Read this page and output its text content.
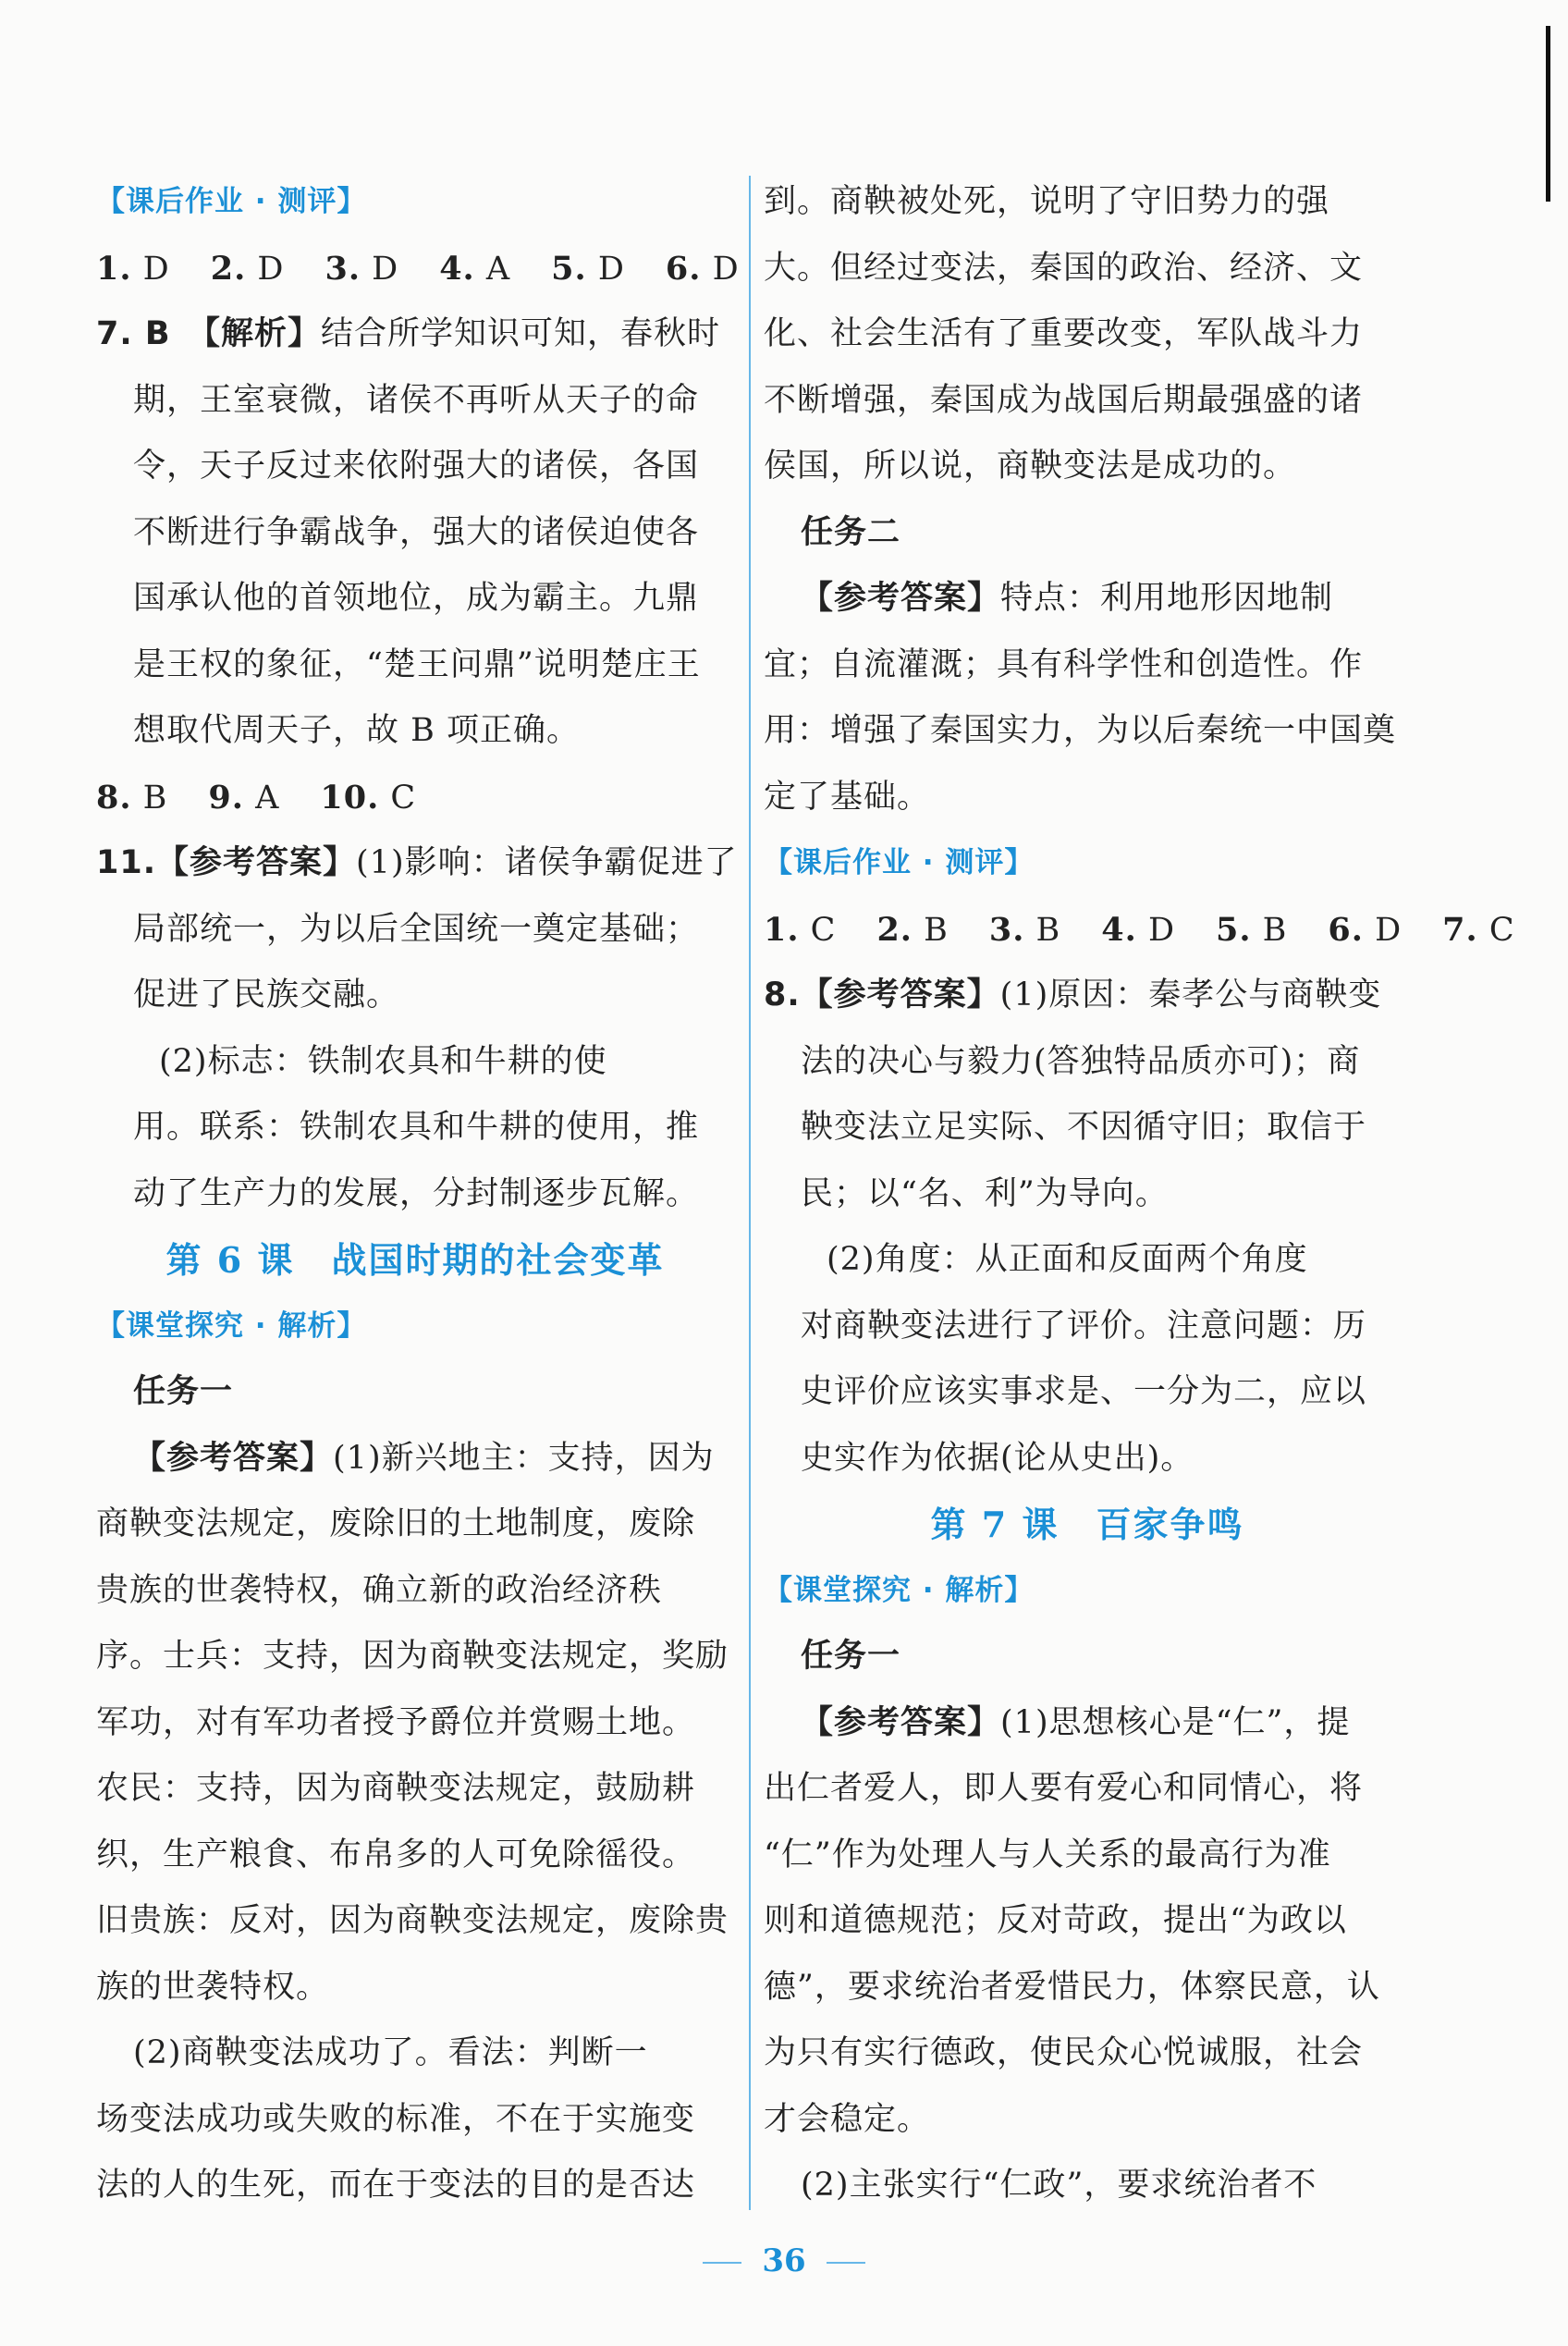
【课后作业 · 测评】
1. D 2. D 3. D 4. A 5. D 6. D
7. B　 【解析】结合所学知识可知，春秋时
期，王室衰微，诸侯不再听从天子的命
令，天子反过来依附强大的诸侯，各国
不断进行争霸战争，强大的诸侯迫使各
国承认他的首领地位，成为霸主。九鼎
是王权的象征，“楚王问鼎”说明楚庄王
想取代周天子，故 B 项正确。
8. B 9. A 10. C
11.【参考答案】(1)影响：诸侯争霸促进了
局部统一，为以后全国统一奠定基础；
促进了民族交融。
(2)标志：铁制农具和牛耕的使
用。联系：铁制农具和牛耕的使用，推
动了生产力的发展，分封制逐步瓦解。
第 6 课　战国时期的社会变革
【课堂探究 · 解析】
任务一
【参考答案】(1)新兴地主：支持，因为
商鞅变法规定，废除旧的土地制度，废除
贵族的世袭特权，确立新的政治经济秩
序。士兵：支持，因为商鞅变法规定，奖励
军功，对有军功者授予爵位并赏赐土地。
农民：支持，因为商鞅变法规定，鼓励耕
织，生产粮食、布帛多的人可免除徭役。
旧贵族：反对，因为商鞅变法规定，废除贵
族的世袭特权。
(2)商鞅变法成功了。看法：判断一
场变法成功或失败的标准，不在于实施变
法的人的生死，而在于变法的目的是否达
到。商鞅被处死，说明了守旧势力的强
大。但经过变法，秦国的政治、经济、文
化、社会生活有了重要改变，军队战斗力
不断增强，秦国成为战国后期最强盛的诸
侯国，所以说，商鞅变法是成功的。
任务二
【参考答案】特点：利用地形因地制
宜；自流灌溉；具有科学性和创造性。作
用：增强了秦国实力，为以后秦统一中国奠
定了基础。
【课后作业 · 测评】
1. C 2. B 3. B 4. D 5. B 6. D 7. C
8.【参考答案】(1)原因：秦孝公与商鞅变
法的决心与毅力(答独特品质亦可)；商
鞅变法立足实际、不因循守旧；取信于
民；以“名、利”为导向。
(2)角度：从正面和反面两个角度
对商鞅变法进行了评价。注意问题：历
史评价应该实事求是、一分为二，应以
史实作为依据(论从史出)。
第 7 课　百家争鸣
【课堂探究 · 解析】
任务一
【参考答案】(1)思想核心是“仁”，提
出仁者爱人，即人要有爱心和同情心，将
“仁”作为处理人与人关系的最高行为准
则和道德规范；反对苛政，提出“为政以
德”，要求统治者爱惜民力，体察民意，认
为只有实行德政，使民众心悦诚服，社会
才会稳定。
(2)主张实行“仁政”，要求统治者不
36
